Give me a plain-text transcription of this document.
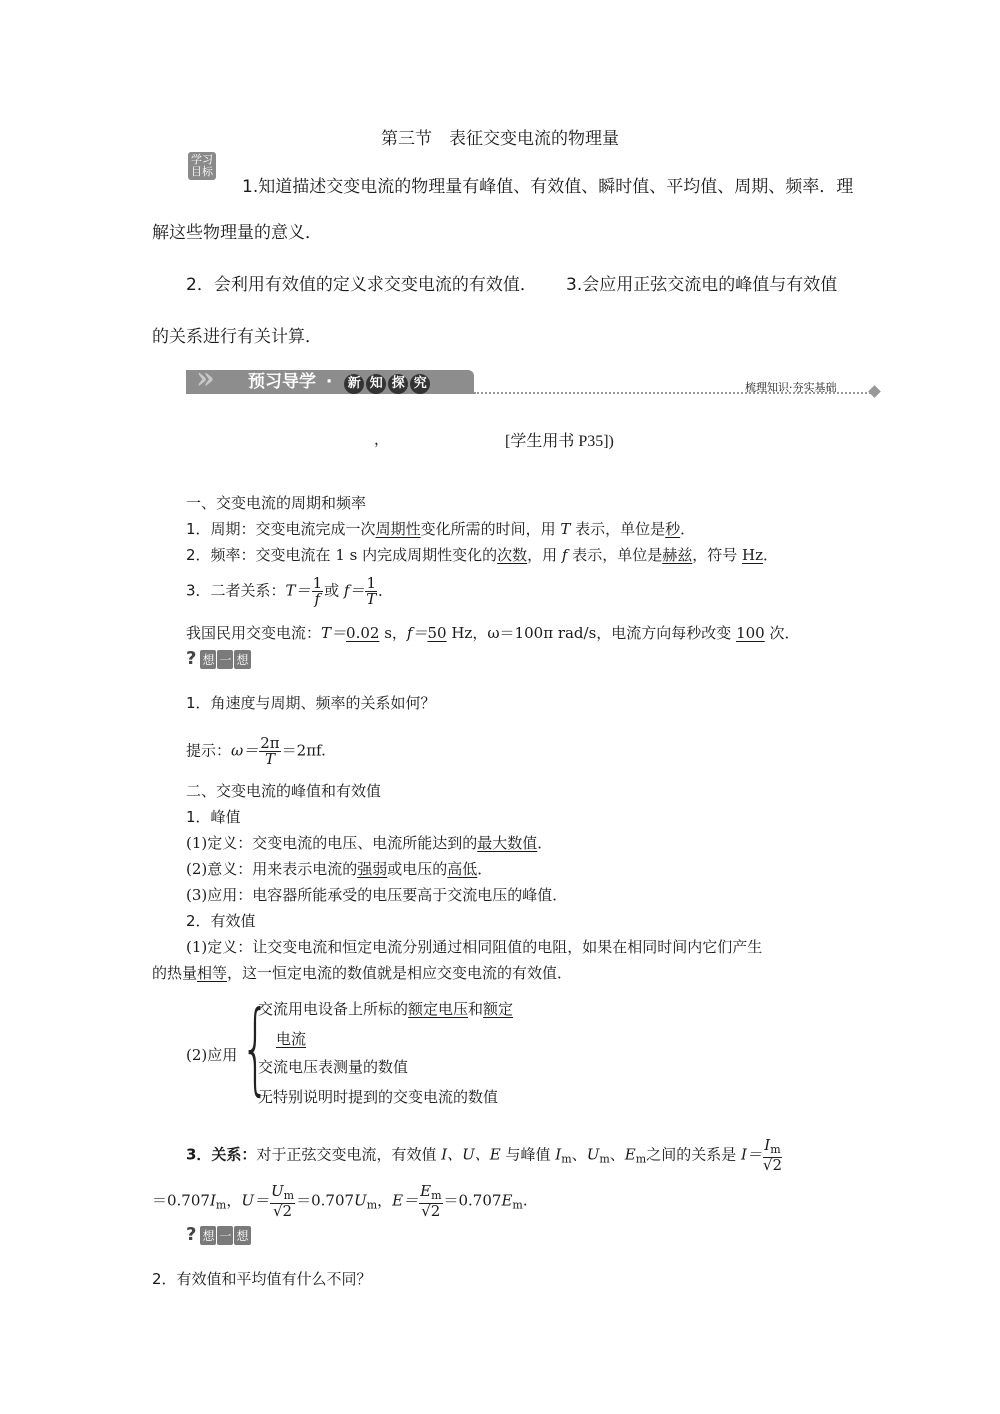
第三节　表征交变电流的物理量
学习
目标
1.知道描述交变电流的物理量有峰值、有效值、瞬时值、平均值、周期、频率．理
解这些物理量的意义．
2．会利用有效值的定义求交变电流的有效值． 3.会应用正弦交流电的峰值与有效值
的关系进行有关计算．
»	预习导学 · 新 知 探 究	梳理知识·夯实基础
，	[学生用书 P35])
一、交变电流的周期和频率
1．周期：交变电流完成一次周期性变化所需的时间，用 T 表示，单位是秒．
2．频率：交变电流在 1 s 内完成周期性变化的次数，用 f 表示，单位是赫兹，符号 Hz．
3．二者关系：$T= \frac{1}{f}$ 或 $f= \frac{1}{T}$ ．
我国民用交变电流：T＝0.02 s，f＝50 Hz，ω＝100π rad/s，电流方向每秒改变 100 次．
? 想 一 想
1．角速度与周期、频率的关系如何？
提示：$\omega= \frac{2\pi}{T} =2\pi f$.
二、交变电流的峰值和有效值
1．峰值
(1)定义：交变电流的电压、电流所能达到的最大数值．
(2)意义：用来表示电流的强弱或电压的高低．
(3)应用：电容器所能承受的电压要高于交流电压的峰值．
2．有效值
(1)定义：让交变电流和恒定电流分别通过相同阻值的电阻，如果在相同时间内它们产生
的热量相等，这一恒定电流的数值就是相应交变电流的有效值．
(2)应用 {
交流用电设备上所标的额定电压和额定
电流
交流电压表测量的数值
无特别说明时提到的交变电流的数值
3．关系：对于正弦交变电流，有效值 I、U、E 与峰值 $I_m$、$U_m$、$E_m$之间的关系是 $I= \frac{I_m}{√2}$
$=0.707I_m$，$U= \frac{U_m}{√2} =0.707U_m$，$E= \frac{E_m}{√2} =0.707E_m$.
? 想 一 想
2．有效值和平均值有什么不同？
